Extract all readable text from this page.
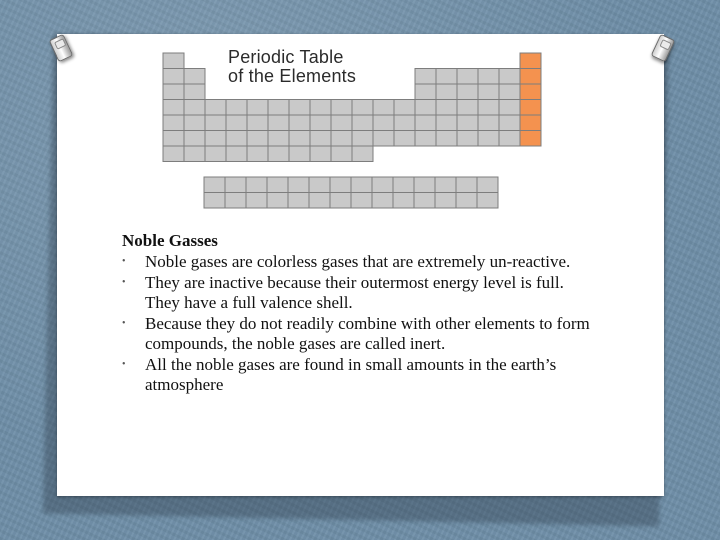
Periodic Table
of the Elements
Noble Gasses
•	Noble gases are colorless gases that are extremely un-reactive.
•	They are inactive because their outermost energy level is full. They have a full valence shell.
•	Because they do not readily combine with other elements to form compounds, the noble gases are called inert.
•	All the noble gases are found in small amounts in the earth’s atmosphere
